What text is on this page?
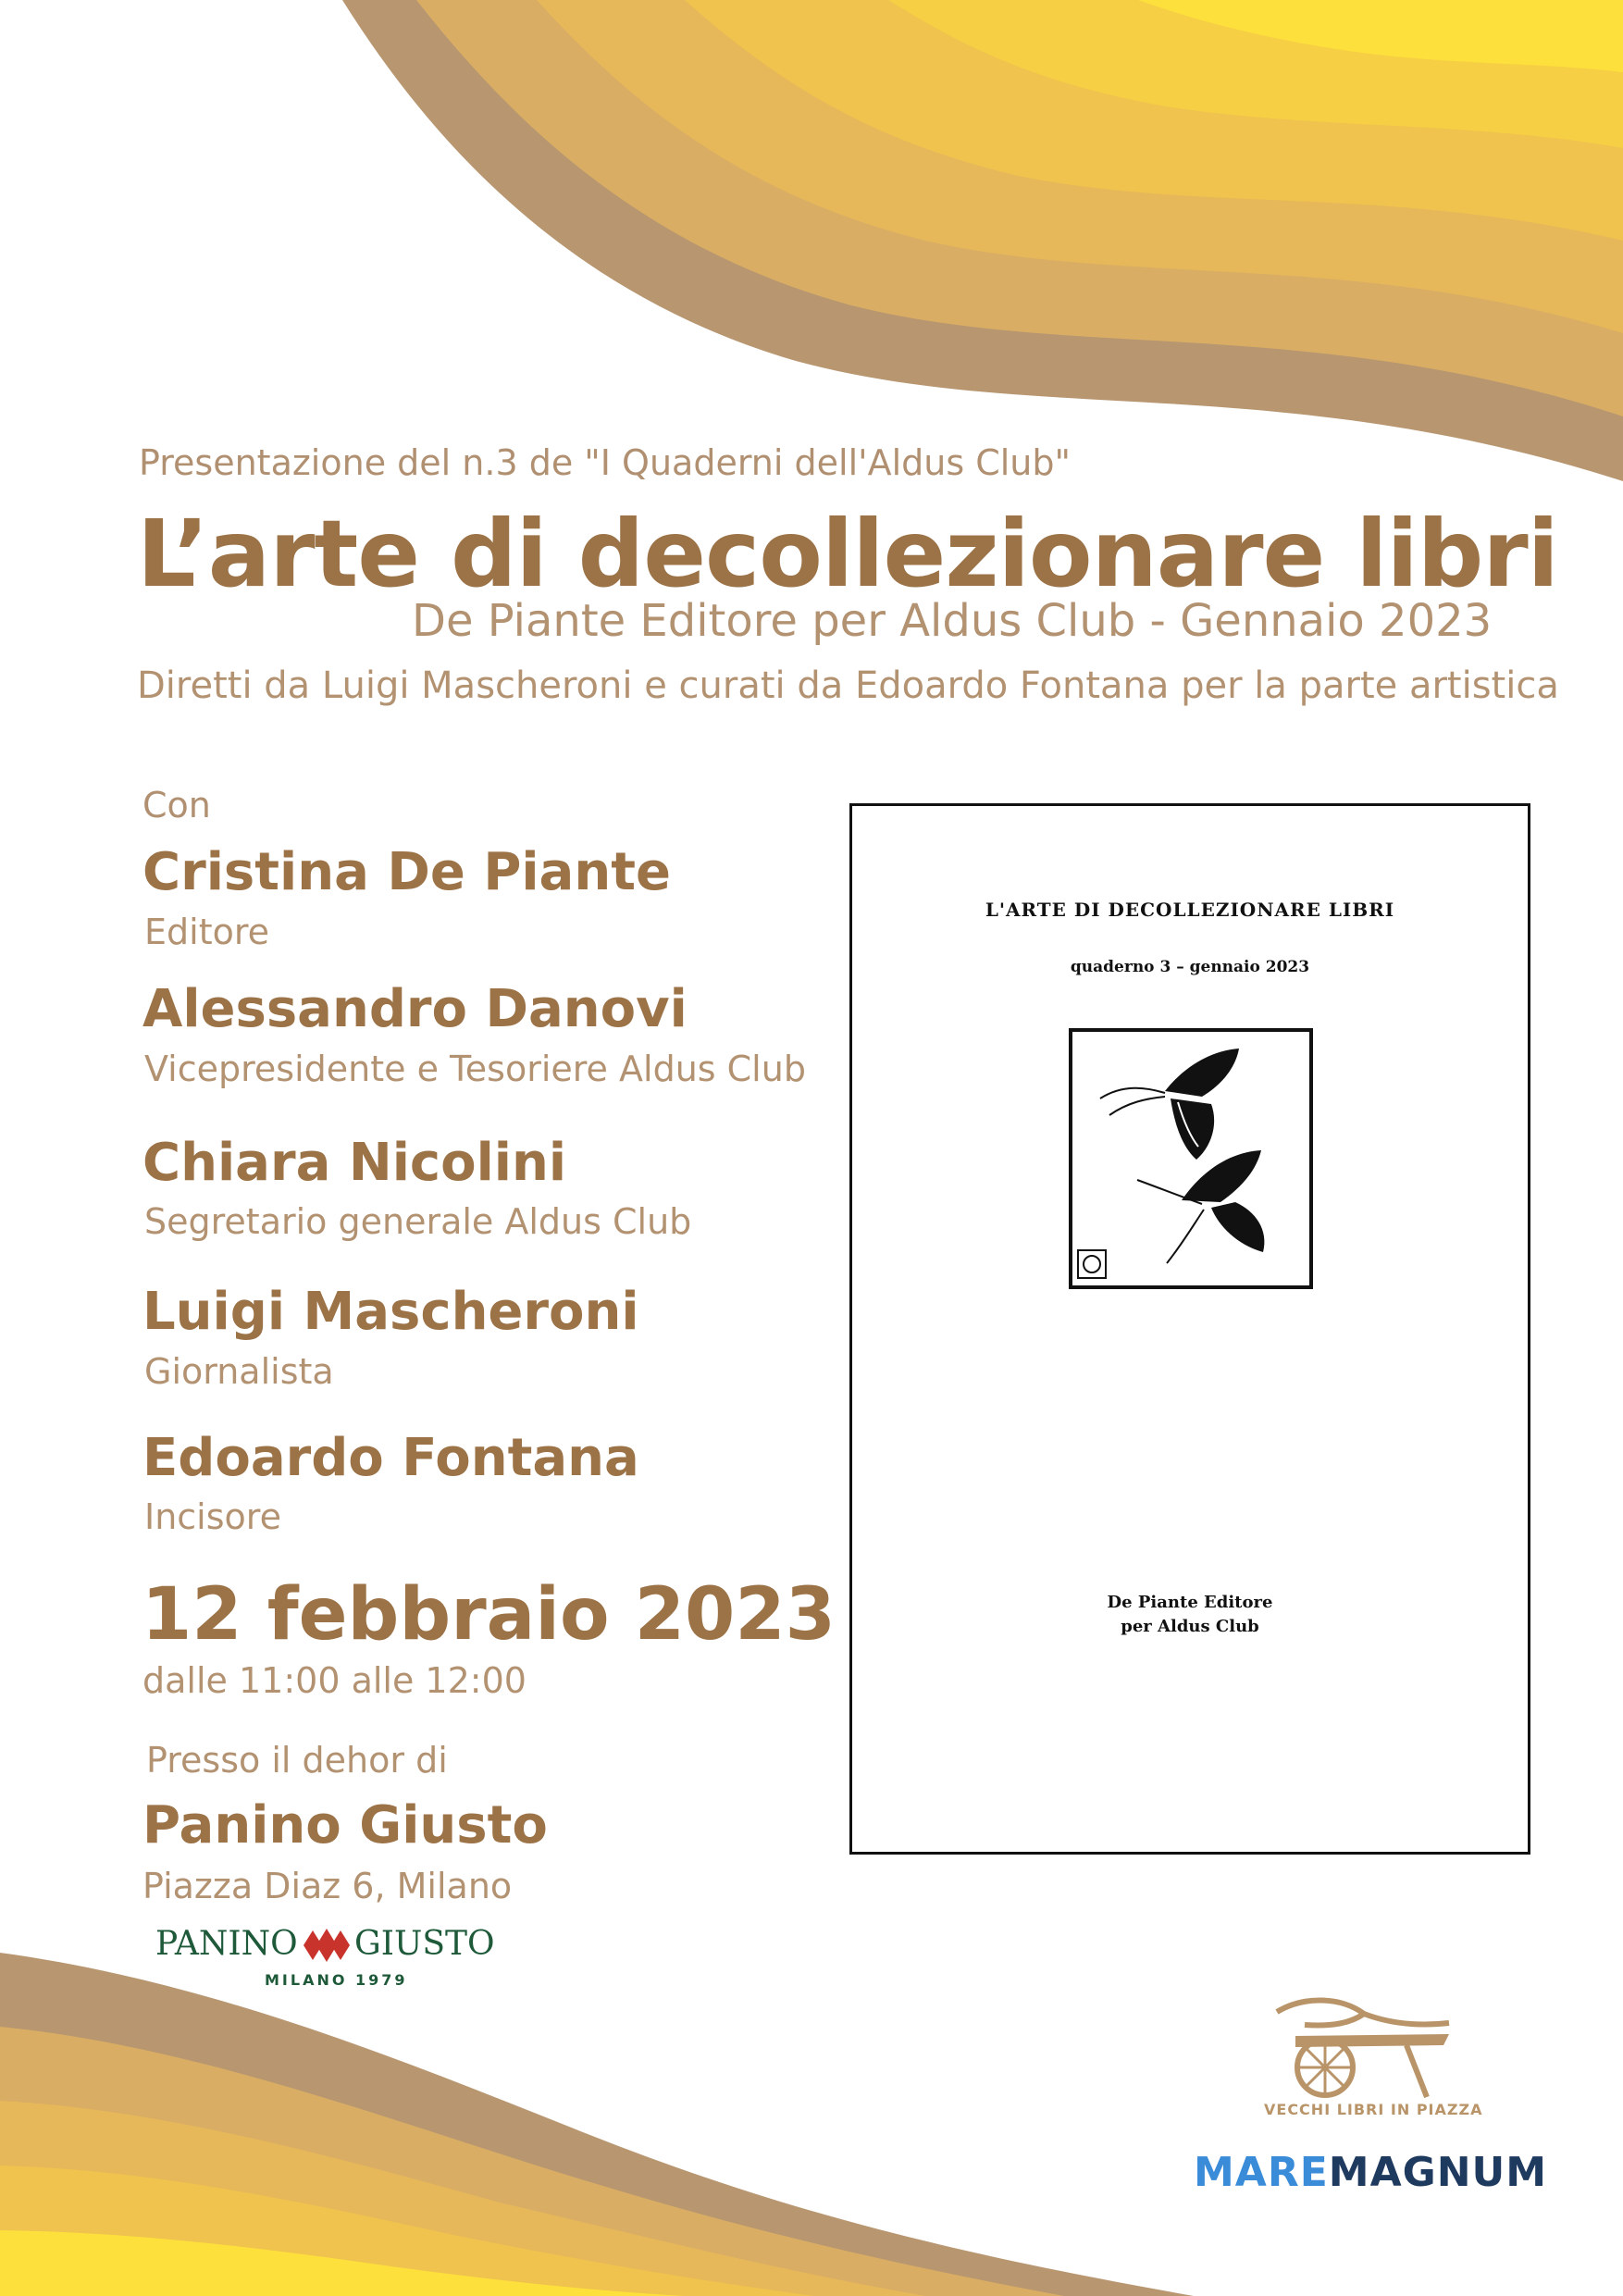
Presentazione del n.3 de "I Quaderni dell'Aldus Club"
L’arte di decollezionare libri
De Piante Editore per Aldus Club - Gennaio 2023
Diretti da Luigi Mascheroni e curati da Edoardo Fontana per la parte artistica
Con
Cristina De Piante
Editore
Alessandro Danovi
Vicepresidente e Tesoriere Aldus Club
Chiara Nicolini
Segretario generale Aldus Club
Luigi Mascheroni
Giornalista
Edoardo Fontana
Incisore
12 febbraio 2023
dalle 11:00 alle 12:00
Presso il dehor di
Panino Giusto
Piazza Diaz 6, Milano
PANINO GIUSTO
MILANO 1979
L'ARTE DI DECOLLEZIONARE LIBRI
quaderno 3 – gennaio 2023
De Piante Editore
per Aldus Club
VECCHI LIBRI IN PIAZZA
MAREMAGNUM
